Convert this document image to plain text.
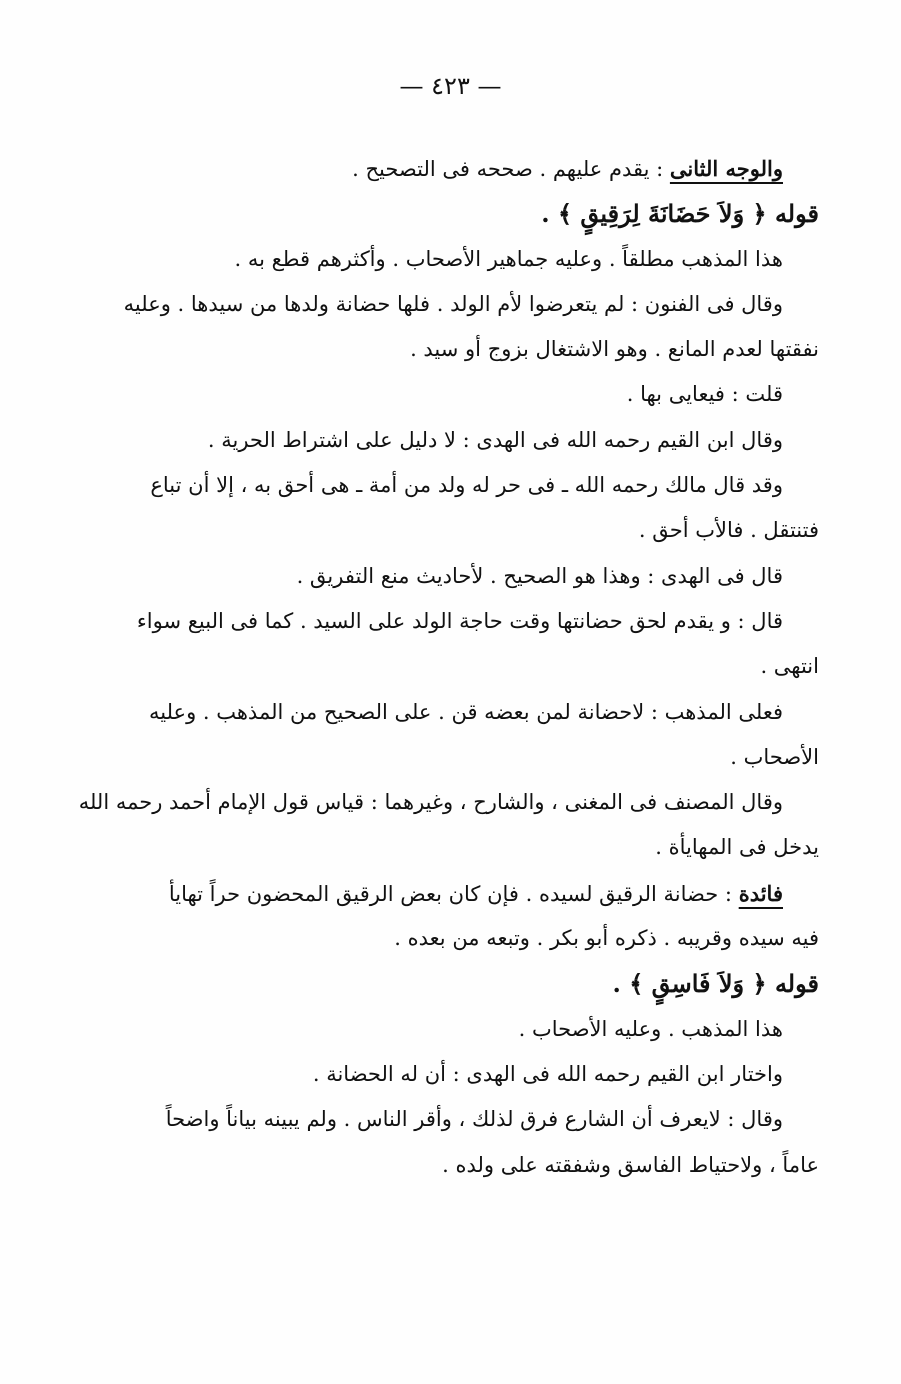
— ٤٢٣ —
والوجه الثانى : يقدم عليهم . صححه فى التصحيح .
قوله ﴿ وَلاَ حَضَانَةَ لِرَقِيقٍ ﴾ .
هذا المذهب مطلقاً . وعليه جماهير الأصحاب . وأكثرهم قطع به .
وقال فى الفنون : لم يتعرضوا لأم الولد . فلها حضانة ولدها من سيدها . وعليه
نفقتها لعدم المانع . وهو الاشتغال بزوج أو سيد .
قلت : فيعايى بها .
وقال ابن القيم رحمه الله فى الهدى : لا دليل على اشتراط الحرية .
وقد قال مالك رحمه الله ـ فى حر له ولد من أمة ـ هى أحق به ، إلا أن تباع
فتنتقل . فالأب أحق .
قال فى الهدى : وهذا هو الصحيح . لأحاديث منع التفريق .
قال : و يقدم لحق حضانتها وقت حاجة الولد على السيد . كما فى البيع سواء
انتهى .
فعلى المذهب : لاحضانة لمن بعضه قن . على الصحيح من المذهب . وعليه
الأصحاب .
وقال المصنف فى المغنى ، والشارح ، وغيرهما : قياس قول الإمام أحمد رحمه الله
يدخل فى المهايأة .
فائدة : حضانة الرقيق لسيده . فإن كان بعض الرقيق المحضون حراً تهايأ
فيه سيده وقريبه . ذكره أبو بكر . وتبعه من بعده .
قوله ﴿ وَلاَ فَاسِقٍ ﴾ .
هذا المذهب . وعليه الأصحاب .
واختار ابن القيم رحمه الله فى الهدى : أن له الحضانة .
وقال : لايعرف أن الشارع فرق لذلك ، وأقر الناس . ولم يبينه بياناً واضحاً
عاماً ، ولاحتياط الفاسق وشفقته على ولده .
